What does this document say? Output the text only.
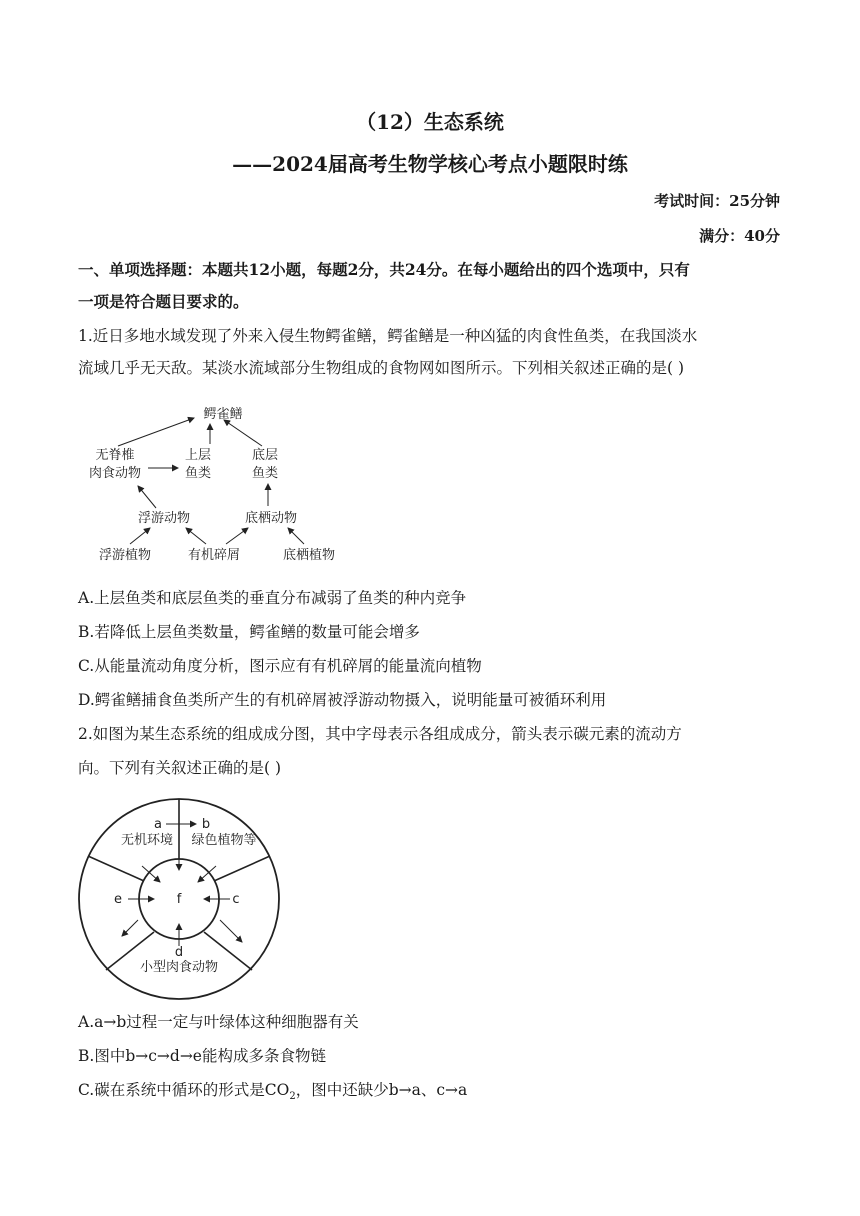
（12）生态系统
——2024届高考生物学核心考点小题限时练
考试时间：25分钟
满分：40分
一、单项选择题：本题共12小题，每题2分，共24分。在每小题给出的四个选项中，只有
一项是符合题目要求的。
1.近日多地水域发现了外来入侵生物鳄雀鳝，鳄雀鳝是一种凶猛的肉食性鱼类，在我国淡水
流域几乎无天敌。某淡水流域部分生物组成的食物网如图所示。下列相关叙述正确的是( )
鳄雀鳝
无脊椎
肉食动物
上层
鱼类
底层
鱼类
浮游动物	底栖动物
浮游植物	有机碎屑	底栖植物
A.上层鱼类和底层鱼类的垂直分布减弱了鱼类的种内竞争
B.若降低上层鱼类数量，鳄雀鳝的数量可能会增多
C.从能量流动角度分析，图示应有有机碎屑的能量流向植物
D.鳄雀鳝捕食鱼类所产生的有机碎屑被浮游动物摄入，说明能量可被循环利用
2.如图为某生态系统的组成成分图，其中字母表示各组成成分，箭头表示碳元素的流动方
向。下列有关叙述正确的是( )
a	b
无机环境 绿色植物等
e	f	c
d
小型肉食动物
A.a→b过程一定与叶绿体这种细胞器有关
B.图中b→c→d→e能构成多条食物链
C.碳在系统中循环的形式是$CO_2$，图中还缺少b→a、c→a
